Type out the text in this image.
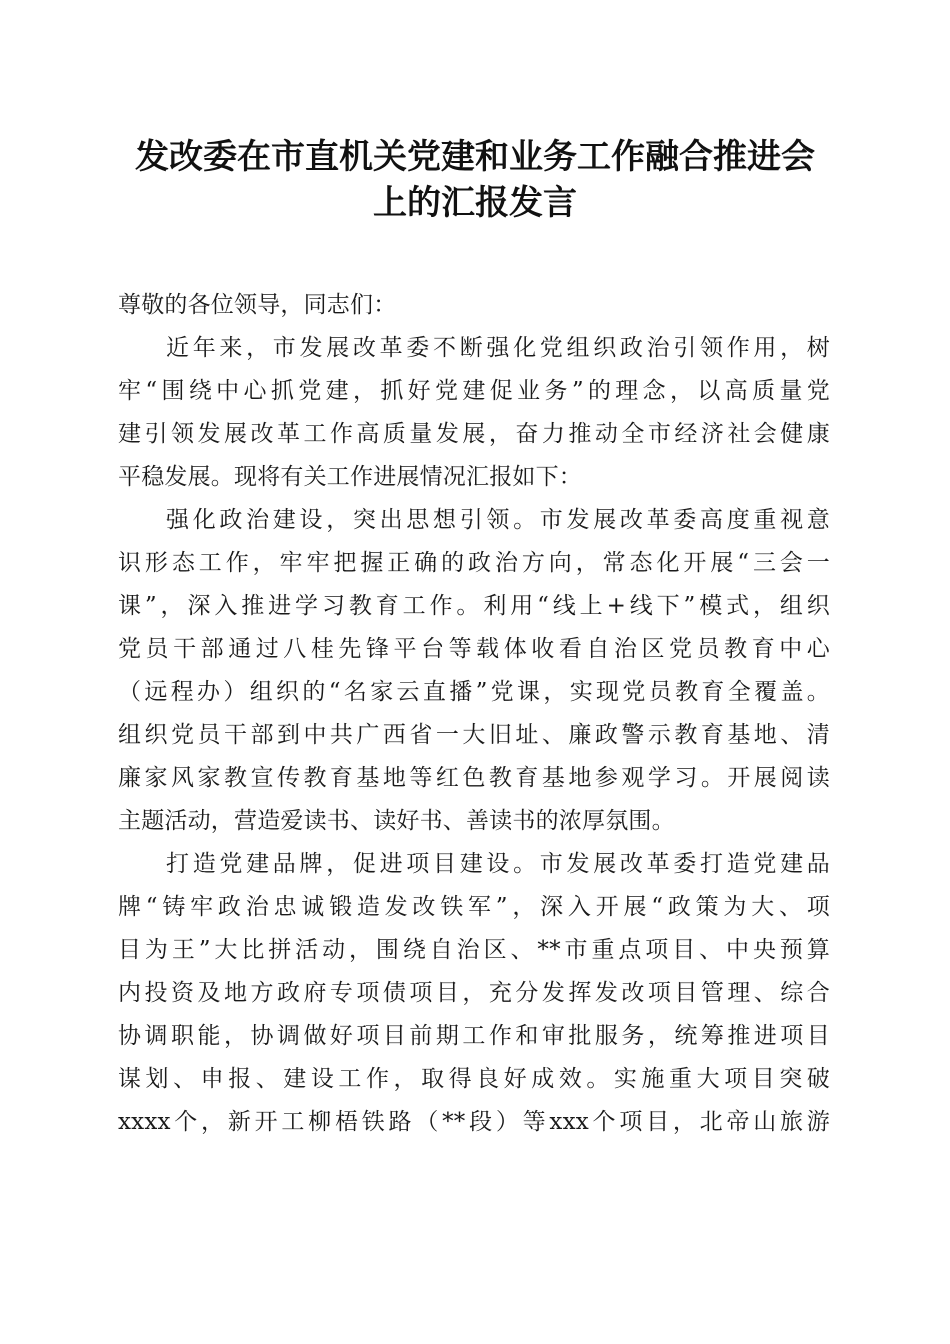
发改委在市直机关党建和业务工作融合推进会
上的汇报发言
尊敬的各位领导，同志们：
近年来，市发展改革委不断强化党组织政治引领作用，树
牢“围绕中心抓党建，抓好党建促业务”的理念，以高质量党
建引领发展改革工作高质量发展，奋力推动全市经济社会健康
平稳发展。现将有关工作进展情况汇报如下：
强化政治建设，突出思想引领。市发展改革委高度重视意
识形态工作，牢牢把握正确的政治方向，常态化开展“三会一
课”，深入推进学习教育工作。利用“线上+线下”模式，组织
党员干部通过八桂先锋平台等载体收看自治区党员教育中心
（远程办）组织的“名家云直播”党课，实现党员教育全覆盖。
组织党员干部到中共广西省一大旧址、廉政警示教育基地、清
廉家风家教宣传教育基地等红色教育基地参观学习。开展阅读
主题活动，营造爱读书、读好书、善读书的浓厚氛围。
打造党建品牌，促进项目建设。市发展改革委打造党建品
牌“铸牢政治忠诚锻造发改铁军”，深入开展“政策为大、项
目为王”大比拼活动，围绕自治区、**市重点项目、中央预算
内投资及地方政府专项债项目，充分发挥发改项目管理、综合
协调职能，协调做好项目前期工作和审批服务，统筹推进项目
谋划、申报、建设工作，取得良好成效。实施重大项目突破
xxxx个，新开工柳梧铁路（**段）等xxx个项目，北帝山旅游
